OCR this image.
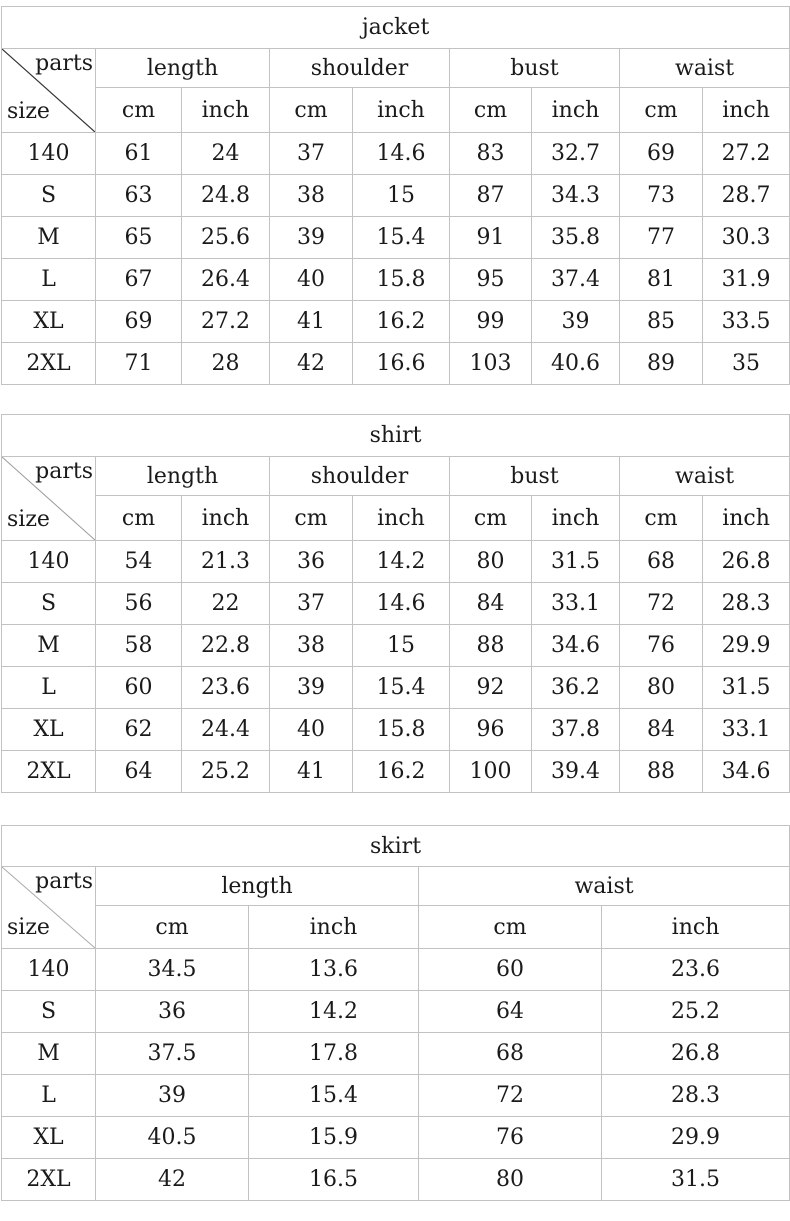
jacket								

parts
size	length		shoulder		bust		waist	
	cm	inch	cm	inch	cm	inch	cm	inch
140	61	24	37	14.6	83	32.7	69	27.2
S	63	24.8	38	15	87	34.3	73	28.7
M	65	25.6	39	15.4	91	35.8	77	30.3
L	67	26.4	40	15.8	95	37.4	81	31.9
XL	69	27.2	41	16.2	99	39	85	33.5
2XL	71	28	42	16.6	103	40.6	89	35
shirt								

parts
size	length		shoulder		bust		waist	
	cm	inch	cm	inch	cm	inch	cm	inch
140	54	21.3	36	14.2	80	31.5	68	26.8
S	56	22	37	14.6	84	33.1	72	28.3
M	58	22.8	38	15	88	34.6	76	29.9
L	60	23.6	39	15.4	92	36.2	80	31.5
XL	62	24.4	40	15.8	96	37.8	84	33.1
2XL	64	25.2	41	16.2	100	39.4	88	34.6
skirt				

parts
size	length		waist	
	cm	inch	cm	inch
140	34.5	13.6	60	23.6
S	36	14.2	64	25.2
M	37.5	17.8	68	26.8
L	39	15.4	72	28.3
XL	40.5	15.9	76	29.9
2XL	42	16.5	80	31.5
